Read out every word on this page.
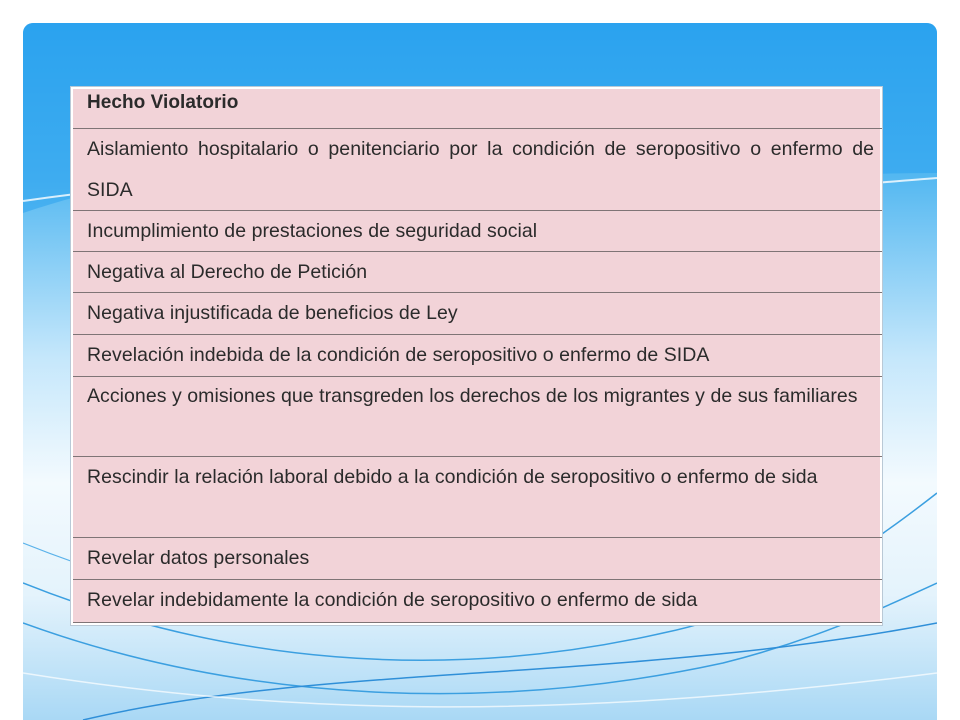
Hecho Violatorio
Aislamiento hospitalario o penitenciario por la condición de seropositivo o enfermo de SIDA
Incumplimiento de prestaciones de seguridad social
Negativa al Derecho de Petición
Negativa injustificada de beneficios de Ley
Revelación indebida de la condición de seropositivo o enfermo de SIDA
Acciones y omisiones que transgreden los derechos de los migrantes y de sus familiares
Rescindir la relación laboral debido a la condición de seropositivo o enfermo de sida
Revelar datos personales
Revelar indebidamente la condición de seropositivo o enfermo de sida
